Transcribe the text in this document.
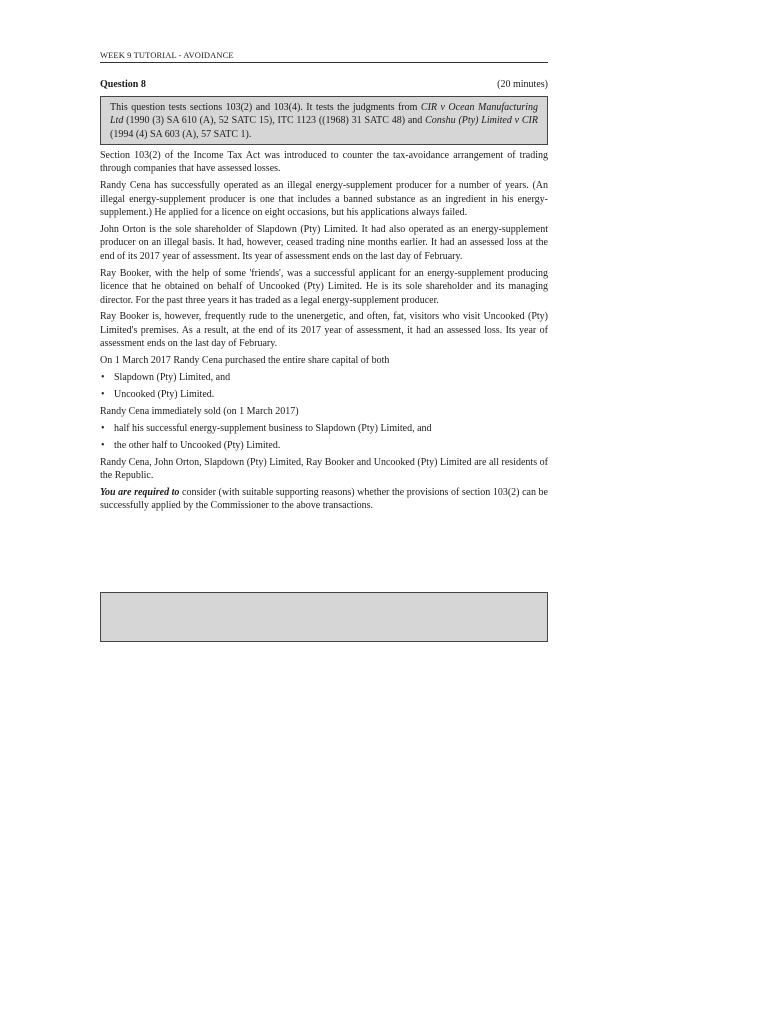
WEEK 9 TUTORIAL - AVOIDANCE
Question 8	(20 minutes)
This question tests sections 103(2) and 103(4). It tests the judgments from CIR v Ocean Manufacturing Ltd (1990 (3) SA 610 (A), 52 SATC 15), ITC 1123 ((1968) 31 SATC 48) and Conshu (Pty) Limited v CIR (1994 (4) SA 603 (A), 57 SATC 1).

Section 103(2) of the Income Tax Act was introduced to counter the tax-avoidance arrangement of trading through companies that have assessed losses.

Randy Cena has successfully operated as an illegal energy-supplement producer for a number of years. (An illegal energy-supplement producer is one that includes a banned substance as an ingredient in his energy-supplement.) He applied for a licence on eight occasions, but his applications always failed.

John Orton is the sole shareholder of Slapdown (Pty) Limited. It had also operated as an energy-supplement producer on an illegal basis. It had, however, ceased trading nine months earlier. It had an assessed loss at the end of its 2017 year of assessment. Its year of assessment ends on the last day of February.

Ray Booker, with the help of some 'friends', was a successful applicant for an energy-supplement producing licence that he obtained on behalf of Uncooked (Pty) Limited. He is its sole shareholder and its managing director. For the past three years it has traded as a legal energy-supplement producer.

Ray Booker is, however, frequently rude to the unenergetic, and often, fat, visitors who visit Uncooked (Pty) Limited's premises. As a result, at the end of its 2017 year of assessment, it had an assessed loss. Its year of assessment ends on the last day of February.

On 1 March 2017 Randy Cena purchased the entire share capital of both

• Slapdown (Pty) Limited, and
• Uncooked (Pty) Limited.

Randy Cena immediately sold (on 1 March 2017)

• half his successful energy-supplement business to Slapdown (Pty) Limited, and
• the other half to Uncooked (Pty) Limited.

Randy Cena, John Orton, Slapdown (Pty) Limited, Ray Booker and Uncooked (Pty) Limited are all residents of the Republic.

You are required to consider (with suitable supporting reasons) whether the provisions of section 103(2) can be successfully applied by the Commissioner to the above transactions.
